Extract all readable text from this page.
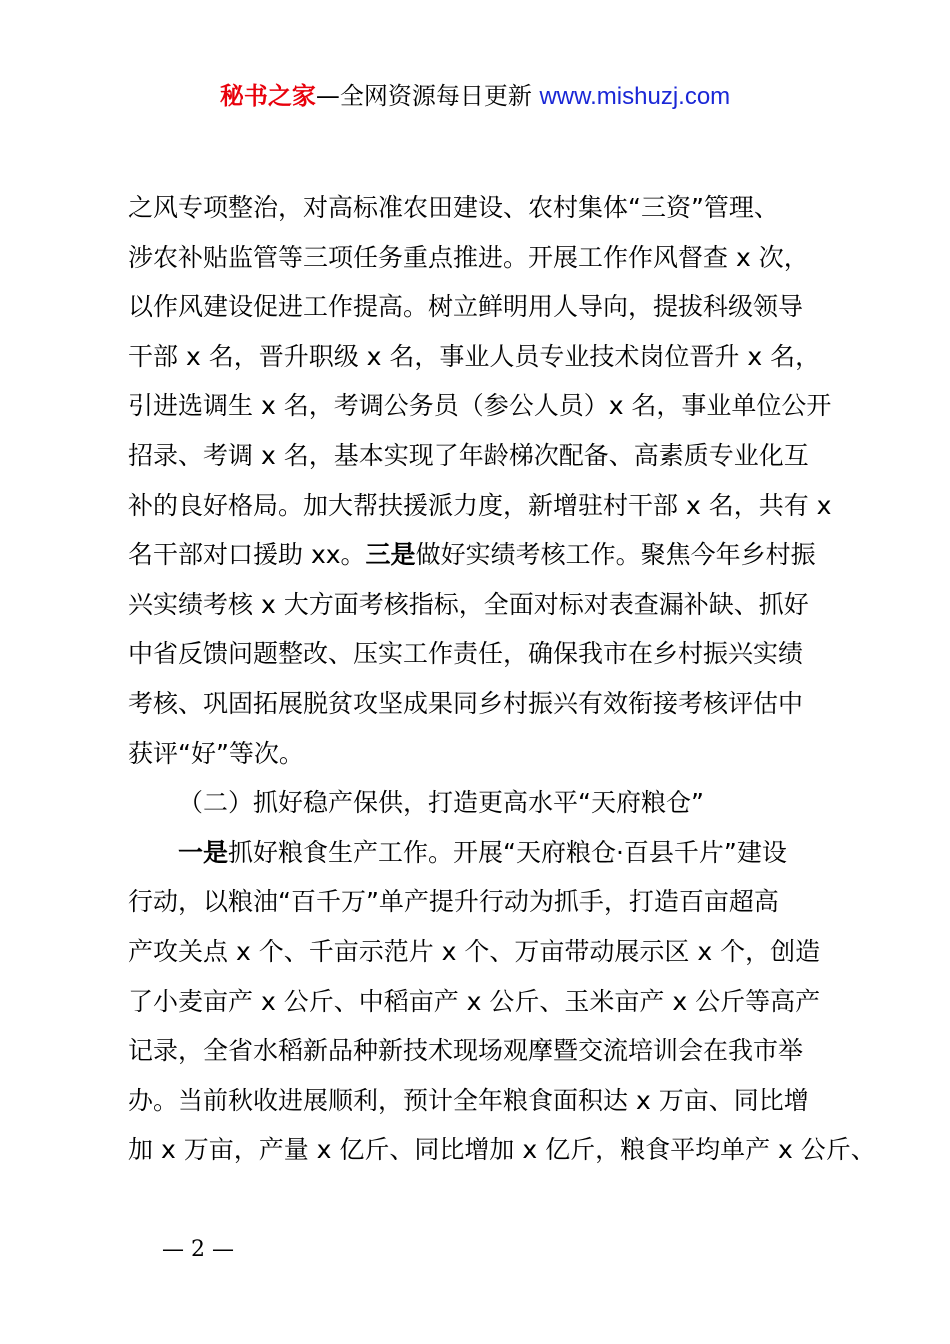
秘书之家—全网资源每日更新 www.mishuzj.com
之风专项整治，对高标准农田建设、农村集体“三资”管理、
涉农补贴监管等三项任务重点推进。开展工作作风督查 x 次，
以作风建设促进工作提高。树立鲜明用人导向，提拔科级领导
干部 x 名，晋升职级 x 名，事业人员专业技术岗位晋升 x 名，
引进选调生 x 名，考调公务员（参公人员）x 名，事业单位公开
招录、考调 x 名，基本实现了年龄梯次配备、高素质专业化互
补的良好格局。加大帮扶援派力度，新增驻村干部 x 名，共有 x
名干部对口援助 xx。三是做好实绩考核工作。聚焦今年乡村振
兴实绩考核 x 大方面考核指标，全面对标对表查漏补缺、抓好
中省反馈问题整改、压实工作责任，确保我市在乡村振兴实绩
考核、巩固拓展脱贫攻坚成果同乡村振兴有效衔接考核评估中
获评“好”等次。
（二）抓好稳产保供，打造更高水平“天府粮仓”
一是抓好粮食生产工作。开展“天府粮仓·百县千片”建设
行动，以粮油“百千万”单产提升行动为抓手，打造百亩超高
产攻关点 x 个、千亩示范片 x 个、万亩带动展示区 x 个，创造
了小麦亩产 x 公斤、中稻亩产 x 公斤、玉米亩产 x 公斤等高产
记录，全省水稻新品种新技术现场观摩暨交流培训会在我市举
办。当前秋收进展顺利，预计全年粮食面积达 x 万亩、同比增
加 x 万亩，产量 x 亿斤、同比增加 x 亿斤，粮食平均单产 x 公斤、
— 2 —
